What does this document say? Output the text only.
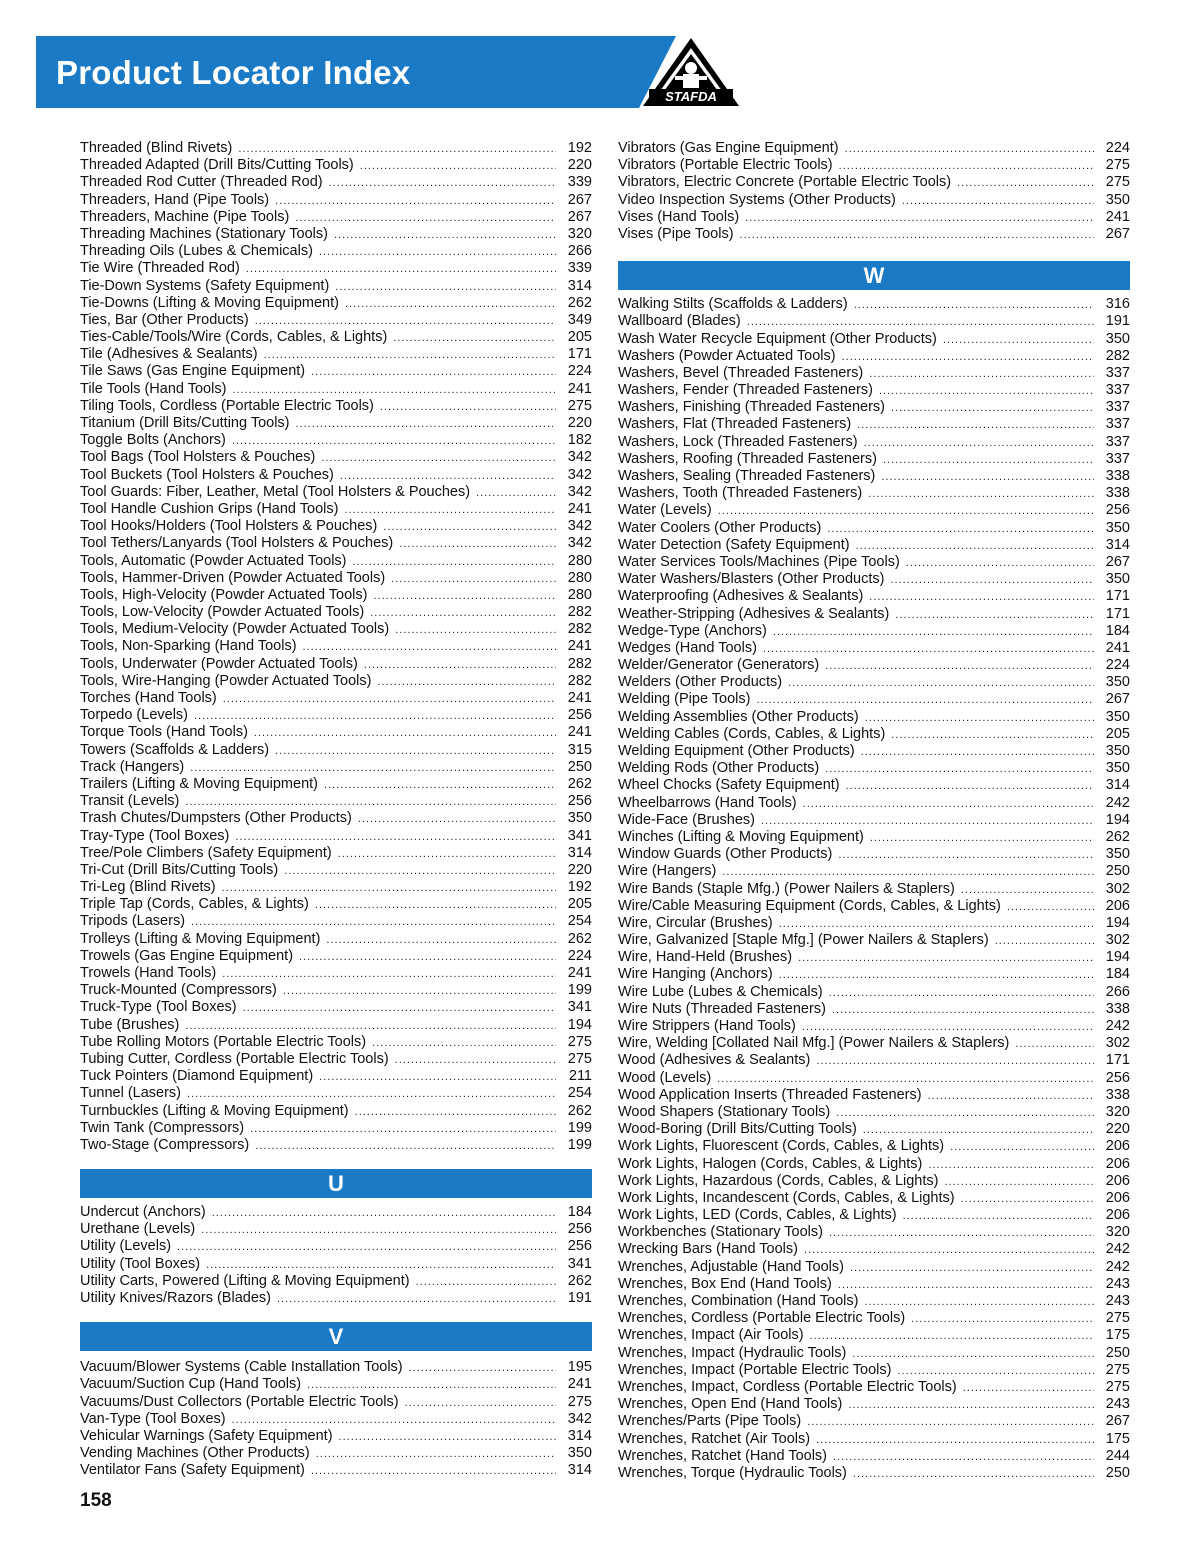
Product Locator Index
STAFDA
Threaded (Blind Rivets) .....	192
Threaded Adapted (Drill Bits/Cutting Tools) .....	220
Threaded Rod Cutter (Threaded Rod) .....	339
Threaders, Hand (Pipe Tools) .....	267
Threaders, Machine (Pipe Tools) .....	267
Threading Machines (Stationary Tools) .....	320
Threading Oils (Lubes & Chemicals) .....	266
Tie Wire (Threaded Rod) .....	339
Tie-Down Systems (Safety Equipment) .....	314
Tie-Downs (Lifting & Moving Equipment) .....	262
Ties, Bar (Other Products) .....	349
Ties-Cable/Tools/Wire (Cords, Cables, & Lights) .....	205
Tile (Adhesives & Sealants) .....	171
Tile Saws (Gas Engine Equipment) .....	224
Tile Tools (Hand Tools) .....	241
Tiling Tools, Cordless (Portable Electric Tools) .....	275
Titanium (Drill Bits/Cutting Tools) .....	220
Toggle Bolts (Anchors) .....	182
Tool Bags (Tool Holsters & Pouches) .....	342
Tool Buckets (Tool Holsters & Pouches) .....	342
Tool Guards: Fiber, Leather, Metal (Tool Holsters & Pouches) .....	342
Tool Handle Cushion Grips (Hand Tools) .....	241
Tool Hooks/Holders (Tool Holsters & Pouches) .....	342
Tool Tethers/Lanyards (Tool Holsters & Pouches) .....	342
Tools, Automatic (Powder Actuated Tools) .....	280
Tools, Hammer-Driven (Powder Actuated Tools) .....	280
Tools, High-Velocity (Powder Actuated Tools) .....	280
Tools, Low-Velocity (Powder Actuated Tools) .....	282
Tools, Medium-Velocity (Powder Actuated Tools) .....	282
Tools, Non-Sparking (Hand Tools) .....	241
Tools, Underwater (Powder Actuated Tools) .....	282
Tools, Wire-Hanging (Powder Actuated Tools) .....	282
Torches (Hand Tools) .....	241
Torpedo (Levels) .....	256
Torque Tools (Hand Tools) .....	241
Towers (Scaffolds & Ladders) .....	315
Track (Hangers) .....	250
Trailers (Lifting & Moving Equipment) .....	262
Transit (Levels) .....	256
Trash Chutes/Dumpsters (Other Products) .....	350
Tray-Type (Tool Boxes) .....	341
Tree/Pole Climbers (Safety Equipment) .....	314
Tri-Cut (Drill Bits/Cutting Tools) .....	220
Tri-Leg (Blind Rivets) .....	192
Triple Tap (Cords, Cables, & Lights) .....	205
Tripods (Lasers) .....	254
Trolleys (Lifting & Moving Equipment) .....	262
Trowels (Gas Engine Equipment) .....	224
Trowels (Hand Tools) .....	241
Truck-Mounted (Compressors) .....	199
Truck-Type (Tool Boxes) .....	341
Tube (Brushes) .....	194
Tube Rolling Motors (Portable Electric Tools) .....	275
Tubing Cutter, Cordless (Portable Electric Tools) .....	275
Tuck Pointers (Diamond Equipment) .....	211
Tunnel (Lasers) .....	254
Turnbuckles (Lifting & Moving Equipment) .....	262
Twin Tank (Compressors) .....	199
Two-Stage (Compressors) .....	199
U
Undercut (Anchors) .....	184
Urethane (Levels) .....	256
Utility (Levels) .....	256
Utility (Tool Boxes) .....	341
Utility Carts, Powered (Lifting & Moving Equipment) .....	262
Utility Knives/Razors (Blades) .....	191
V
Vacuum/Blower Systems (Cable Installation Tools) .....	195
Vacuum/Suction Cup (Hand Tools) .....	241
Vacuums/Dust Collectors (Portable Electric Tools) .....	275
Van-Type (Tool Boxes) .....	342
Vehicular Warnings (Safety Equipment) .....	314
Vending Machines (Other Products) .....	350
Ventilator Fans (Safety Equipment) .....	314
Vibrators (Gas Engine Equipment) .....	224
Vibrators (Portable Electric Tools) .....	275
Vibrators, Electric Concrete (Portable Electric Tools) .....	275
Video Inspection Systems (Other Products) .....	350
Vises (Hand Tools) .....	241
Vises (Pipe Tools) .....	267
W
Walking Stilts (Scaffolds & Ladders) .....	316
Wallboard (Blades) .....	191
Wash Water Recycle Equipment (Other Products) .....	350
Washers (Powder Actuated Tools) .....	282
Washers, Bevel (Threaded Fasteners) .....	337
Washers, Fender (Threaded Fasteners) .....	337
Washers, Finishing (Threaded Fasteners) .....	337
Washers, Flat (Threaded Fasteners) .....	337
Washers, Lock (Threaded Fasteners) .....	337
Washers, Roofing (Threaded Fasteners) .....	337
Washers, Sealing (Threaded Fasteners) .....	338
Washers, Tooth (Threaded Fasteners) .....	338
Water (Levels) .....	256
Water Coolers (Other Products) .....	350
Water Detection (Safety Equipment) .....	314
Water Services Tools/Machines (Pipe Tools) .....	267
Water Washers/Blasters (Other Products) .....	350
Waterproofing (Adhesives & Sealants) .....	171
Weather-Stripping (Adhesives & Sealants) .....	171
Wedge-Type (Anchors) .....	184
Wedges (Hand Tools) .....	241
Welder/Generator (Generators) .....	224
Welders (Other Products) .....	350
Welding (Pipe Tools) .....	267
Welding Assemblies (Other Products) .....	350
Welding Cables (Cords, Cables, & Lights) .....	205
Welding Equipment (Other Products) .....	350
Welding Rods (Other Products) .....	350
Wheel Chocks (Safety Equipment) .....	314
Wheelbarrows (Hand Tools) .....	242
Wide-Face (Brushes) .....	194
Winches (Lifting & Moving Equipment) .....	262
Window Guards (Other Products) .....	350
Wire (Hangers) .....	250
Wire Bands (Staple Mfg.) (Power Nailers & Staplers) .....	302
Wire/Cable Measuring Equipment (Cords, Cables, & Lights) .....	206
Wire, Circular (Brushes) .....	194
Wire, Galvanized [Staple Mfg.] (Power Nailers & Staplers) .....	302
Wire, Hand-Held (Brushes) .....	194
Wire Hanging (Anchors) .....	184
Wire Lube (Lubes & Chemicals) .....	266
Wire Nuts (Threaded Fasteners) .....	338
Wire Strippers (Hand Tools) .....	242
Wire, Welding [Collated Nail Mfg.] (Power Nailers & Staplers) .....	302
Wood (Adhesives & Sealants) .....	171
Wood (Levels) .....	256
Wood Application Inserts (Threaded Fasteners) .....	338
Wood Shapers (Stationary Tools) .....	320
Wood-Boring (Drill Bits/Cutting Tools) .....	220
Work Lights, Fluorescent (Cords, Cables, & Lights) .....	206
Work Lights, Halogen (Cords, Cables, & Lights) .....	206
Work Lights, Hazardous (Cords, Cables, & Lights) .....	206
Work Lights, Incandescent (Cords, Cables, & Lights) .....	206
Work Lights, LED (Cords, Cables, & Lights) .....	206
Workbenches (Stationary Tools) .....	320
Wrecking Bars (Hand Tools) .....	242
Wrenches, Adjustable (Hand Tools) .....	242
Wrenches, Box End (Hand Tools) .....	243
Wrenches, Combination (Hand Tools) .....	243
Wrenches, Cordless (Portable Electric Tools) .....	275
Wrenches, Impact (Air Tools) .....	175
Wrenches, Impact (Hydraulic Tools) .....	250
Wrenches, Impact (Portable Electric Tools) .....	275
Wrenches, Impact, Cordless (Portable Electric Tools) .....	275
Wrenches, Open End (Hand Tools) .....	243
Wrenches/Parts (Pipe Tools) .....	267
Wrenches, Ratchet (Air Tools) .....	175
Wrenches, Ratchet (Hand Tools) .....	244
Wrenches, Torque (Hydraulic Tools) .....	250
158
